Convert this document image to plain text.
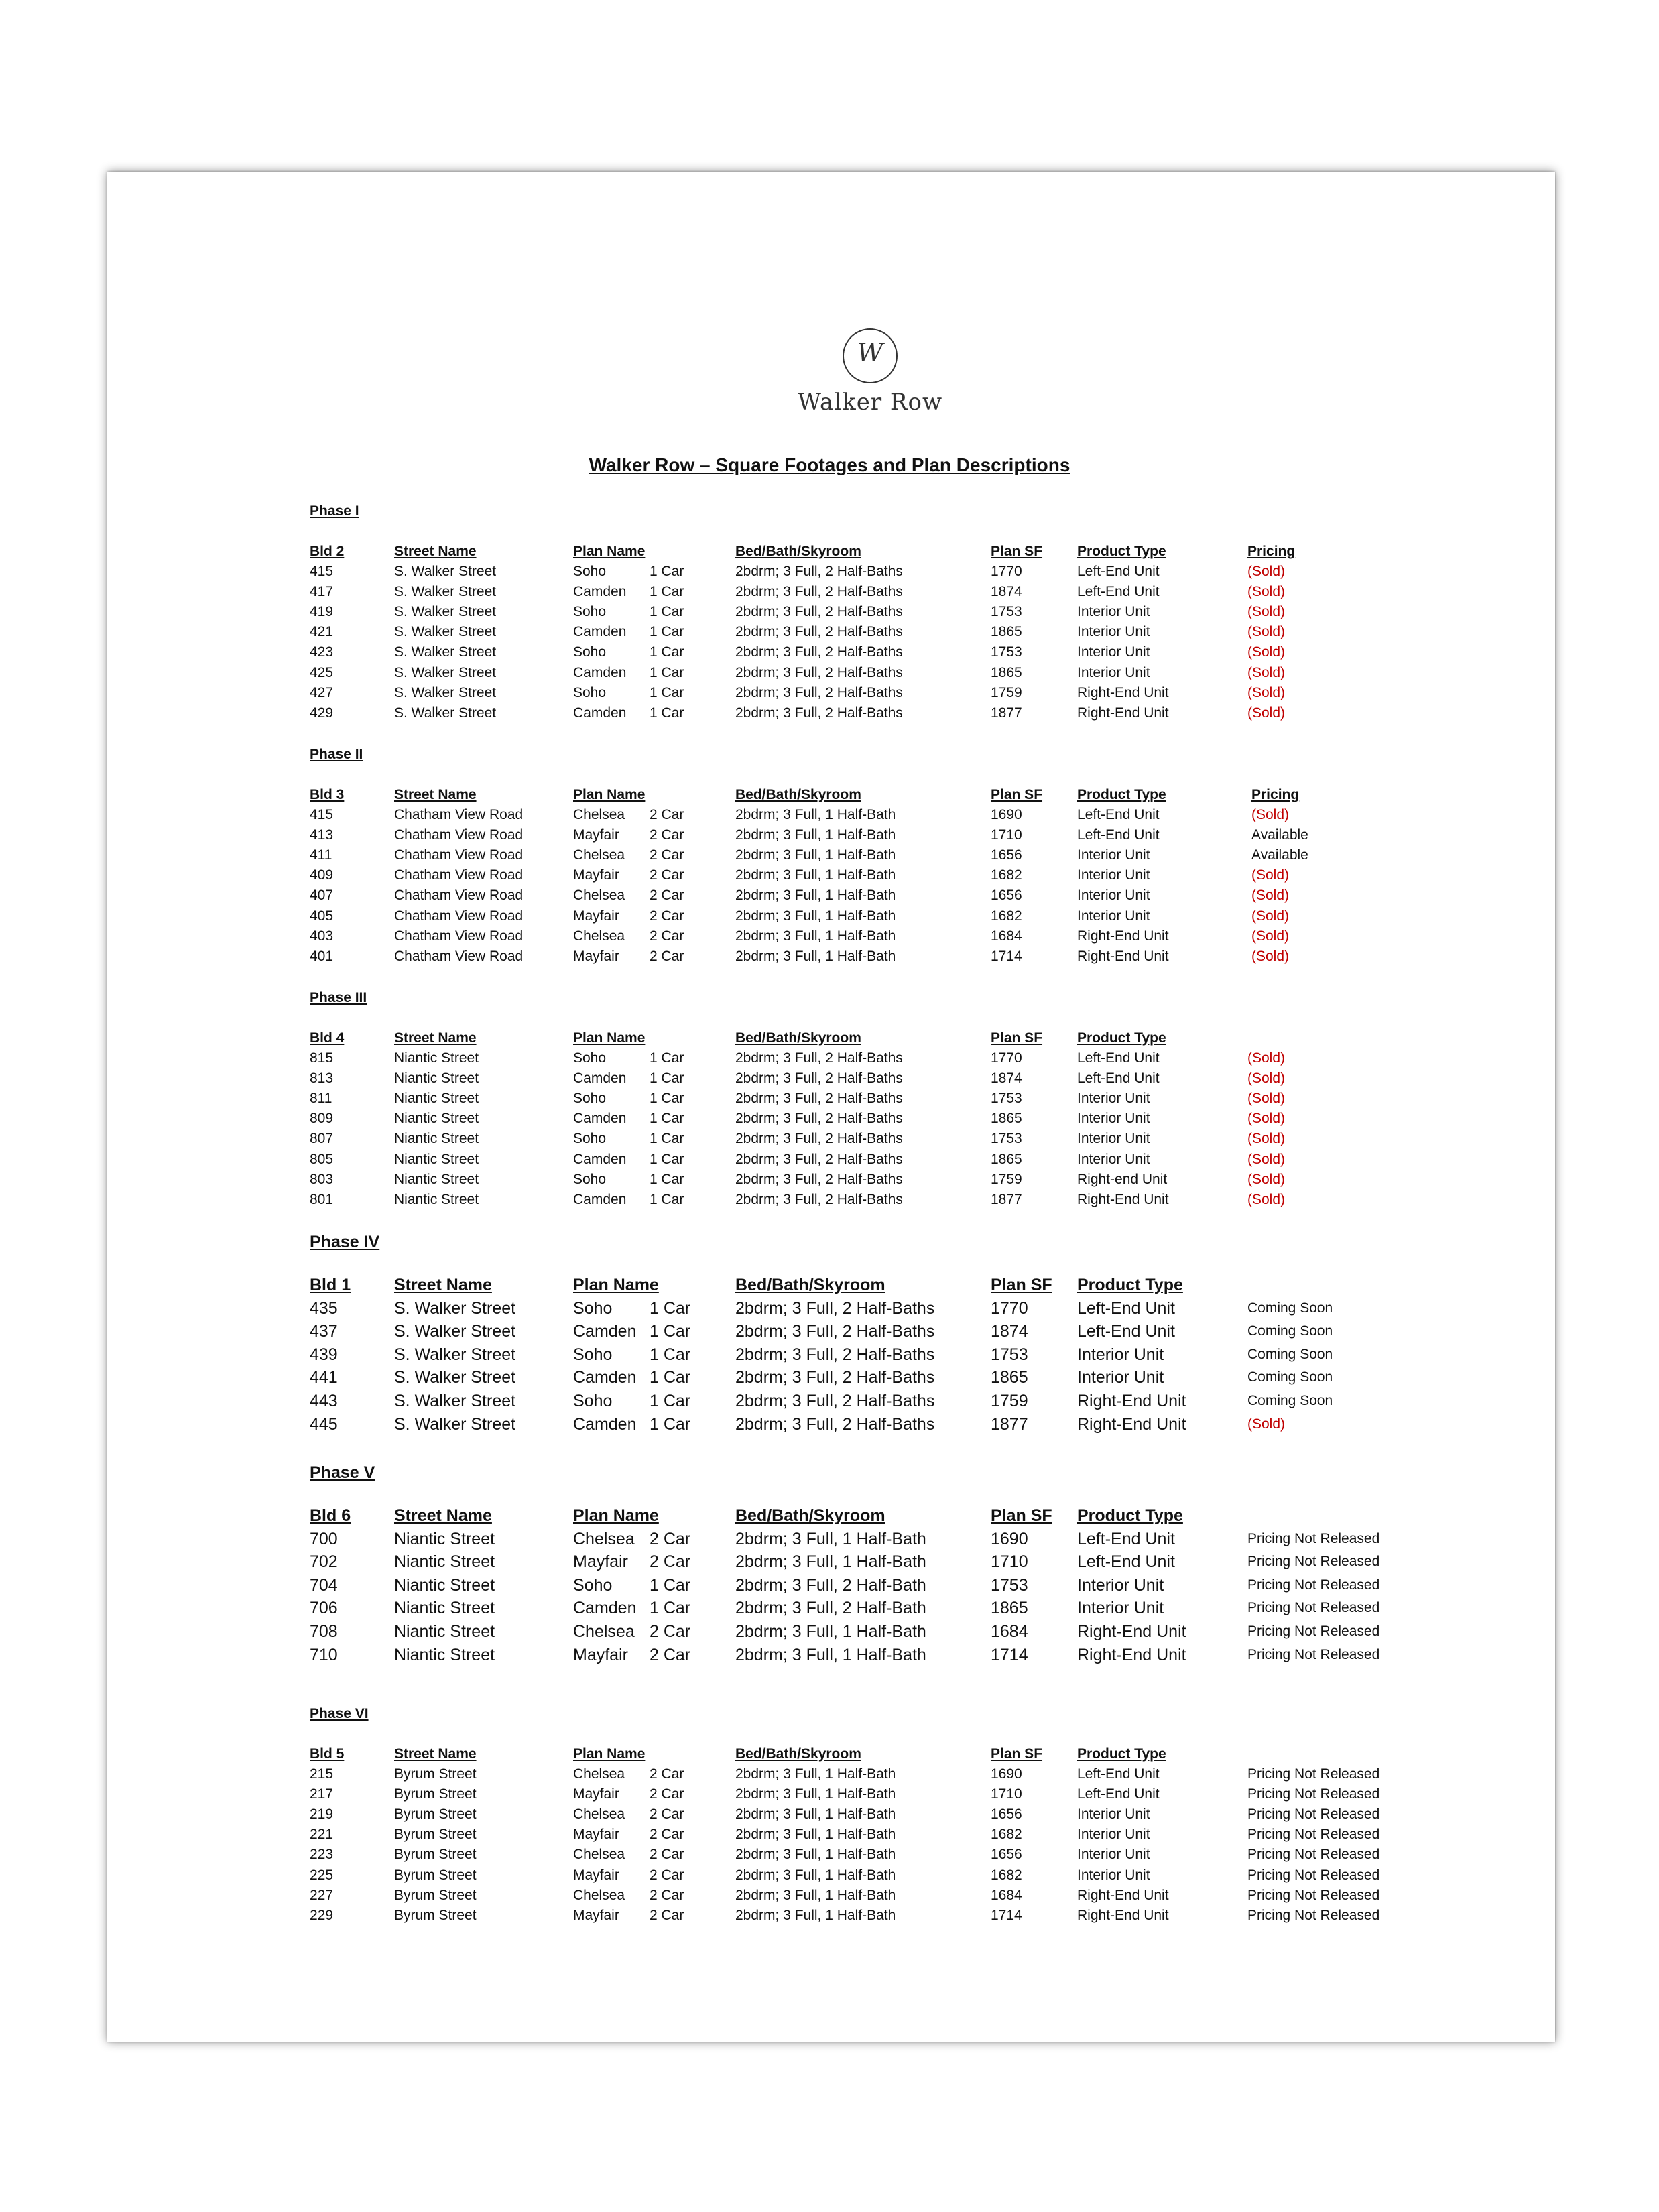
W
Walker Row
Walker Row – Square Footages and Plan Descriptions
Phase I
Bld 2	Street Name	Plan Name	Bed/Bath/Skyroom	Plan SF Product Type	Pricing
415	S. Walker Street	Soho	1 Car	2bdrm; 3 Full, 2 Half-Baths	1770	Left-End Unit	(Sold)
417	S. Walker Street	Camden 1 Car	2bdrm; 3 Full, 2 Half-Baths	1874	Left-End Unit	(Sold)
419	S. Walker Street	Soho	1 Car	2bdrm; 3 Full, 2 Half-Baths	1753	Interior Unit	(Sold)
421	S. Walker Street	Camden 1 Car	2bdrm; 3 Full, 2 Half-Baths	1865	Interior Unit	(Sold)
423	S. Walker Street	Soho	1 Car	2bdrm; 3 Full, 2 Half-Baths	1753	Interior Unit	(Sold)
425	S. Walker Street	Camden 1 Car	2bdrm; 3 Full, 2 Half-Baths	1865	Interior Unit	(Sold)
427	S. Walker Street	Soho	1 Car	2bdrm; 3 Full, 2 Half-Baths	1759	Right-End Unit	(Sold)
429	S. Walker Street	Camden 1 Car	2bdrm; 3 Full, 2 Half-Baths	1877	Right-End Unit	(Sold)
Phase II
Bld 3	Street Name	Plan Name	Bed/Bath/Skyroom	Plan SF Product Type	Pricing
415	Chatham View Road	Chelsea 2 Car	2bdrm; 3 Full, 1 Half-Bath	1690	Left-End Unit	(Sold)
413	Chatham View Road	Mayfair 2 Car	2bdrm; 3 Full, 1 Half-Bath	1710	Left-End Unit	Available
411	Chatham View Road	Chelsea 2 Car	2bdrm; 3 Full, 1 Half-Bath	1656	Interior Unit	Available
409	Chatham View Road	Mayfair 2 Car	2bdrm; 3 Full, 1 Half-Bath	1682	Interior Unit	(Sold)
407	Chatham View Road	Chelsea 2 Car	2bdrm; 3 Full, 1 Half-Bath	1656	Interior Unit	(Sold)
405	Chatham View Road	Mayfair 2 Car	2bdrm; 3 Full, 1 Half-Bath	1682	Interior Unit	(Sold)
403	Chatham View Road	Chelsea 2 Car	2bdrm; 3 Full, 1 Half-Bath	1684	Right-End Unit	(Sold)
401	Chatham View Road	Mayfair 2 Car	2bdrm; 3 Full, 1 Half-Bath	1714	Right-End Unit	(Sold)
Phase III
Bld 4	Street Name	Plan Name	Bed/Bath/Skyroom	Plan SF Product Type
815	Niantic Street	Soho	1 Car	2bdrm; 3 Full, 2 Half-Baths	1770	Left-End Unit	(Sold)
813	Niantic Street	Camden 1 Car	2bdrm; 3 Full, 2 Half-Baths	1874	Left-End Unit	(Sold)
811	Niantic Street	Soho	1 Car	2bdrm; 3 Full, 2 Half-Baths	1753	Interior Unit	(Sold)
809	Niantic Street	Camden 1 Car	2bdrm; 3 Full, 2 Half-Baths	1865	Interior Unit	(Sold)
807	Niantic Street	Soho	1 Car	2bdrm; 3 Full, 2 Half-Baths	1753	Interior Unit	(Sold)
805	Niantic Street	Camden 1 Car	2bdrm; 3 Full, 2 Half-Baths	1865	Interior Unit	(Sold)
803	Niantic Street	Soho	1 Car	2bdrm; 3 Full, 2 Half-Baths	1759	Right-end Unit	(Sold)
801	Niantic Street	Camden 1 Car	2bdrm; 3 Full, 2 Half-Baths	1877	Right-End Unit	(Sold)
Phase IV
Bld 1	Street Name	Plan Name	Bed/Bath/Skyroom	Plan SF Product Type
435	S. Walker Street	Soho 1 Car	2bdrm; 3 Full, 2 Half-Baths	1770	Left-End Unit	Coming Soon
437	S. Walker Street	Camden 1 Car	2bdrm; 3 Full, 2 Half-Baths	1874	Left-End Unit	Coming Soon
439	S. Walker Street	Soho 1 Car	2bdrm; 3 Full, 2 Half-Baths	1753	Interior Unit	Coming Soon
441	S. Walker Street	Camden 1 Car	2bdrm; 3 Full, 2 Half-Baths	1865	Interior Unit	Coming Soon
443	S. Walker Street	Soho 1 Car	2bdrm; 3 Full, 2 Half-Baths	1759	Right-End Unit	Coming Soon
445	S. Walker Street	Camden 1 Car	2bdrm; 3 Full, 2 Half-Baths	1877	Right-End Unit	(Sold)
Phase V
Bld 6	Street Name	Plan Name	Bed/Bath/Skyroom	Plan SF Product Type
700	Niantic Street	Chelsea 2 Car	2bdrm; 3 Full, 1 Half-Bath	1690	Left-End Unit	Pricing Not Released
702	Niantic Street	Mayfair 2 Car	2bdrm; 3 Full, 1 Half-Bath	1710	Left-End Unit	Pricing Not Released
704	Niantic Street	Soho 1 Car	2bdrm; 3 Full, 2 Half-Bath	1753	Interior Unit	Pricing Not Released
706	Niantic Street	Camden 1 Car	2bdrm; 3 Full, 2 Half-Bath	1865	Interior Unit	Pricing Not Released
708	Niantic Street	Chelsea 2 Car	2bdrm; 3 Full, 1 Half-Bath	1684	Right-End Unit	Pricing Not Released
710	Niantic Street	Mayfair 2 Car	2bdrm; 3 Full, 1 Half-Bath	1714	Right-End Unit	Pricing Not Released
Phase VI
Bld 5	Street Name	Plan Name	Bed/Bath/Skyroom	Plan SF Product Type
215	Byrum Street	Chelsea 2 Car	2bdrm; 3 Full, 1 Half-Bath	1690	Left-End Unit	Pricing Not Released
217	Byrum Street	Mayfair 2 Car	2bdrm; 3 Full, 1 Half-Bath	1710	Left-End Unit	Pricing Not Released
219	Byrum Street	Chelsea 2 Car	2bdrm; 3 Full, 1 Half-Bath	1656	Interior Unit	Pricing Not Released
221	Byrum Street	Mayfair 2 Car	2bdrm; 3 Full, 1 Half-Bath	1682	Interior Unit	Pricing Not Released
223	Byrum Street	Chelsea 2 Car	2bdrm; 3 Full, 1 Half-Bath	1656	Interior Unit	Pricing Not Released
225	Byrum Street	Mayfair 2 Car	2bdrm; 3 Full, 1 Half-Bath	1682	Interior Unit	Pricing Not Released
227	Byrum Street	Chelsea 2 Car	2bdrm; 3 Full, 1 Half-Bath	1684	Right-End Unit	Pricing Not Released
229	Byrum Street	Mayfair 2 Car	2bdrm; 3 Full, 1 Half-Bath	1714	Right-End Unit	Pricing Not Released
